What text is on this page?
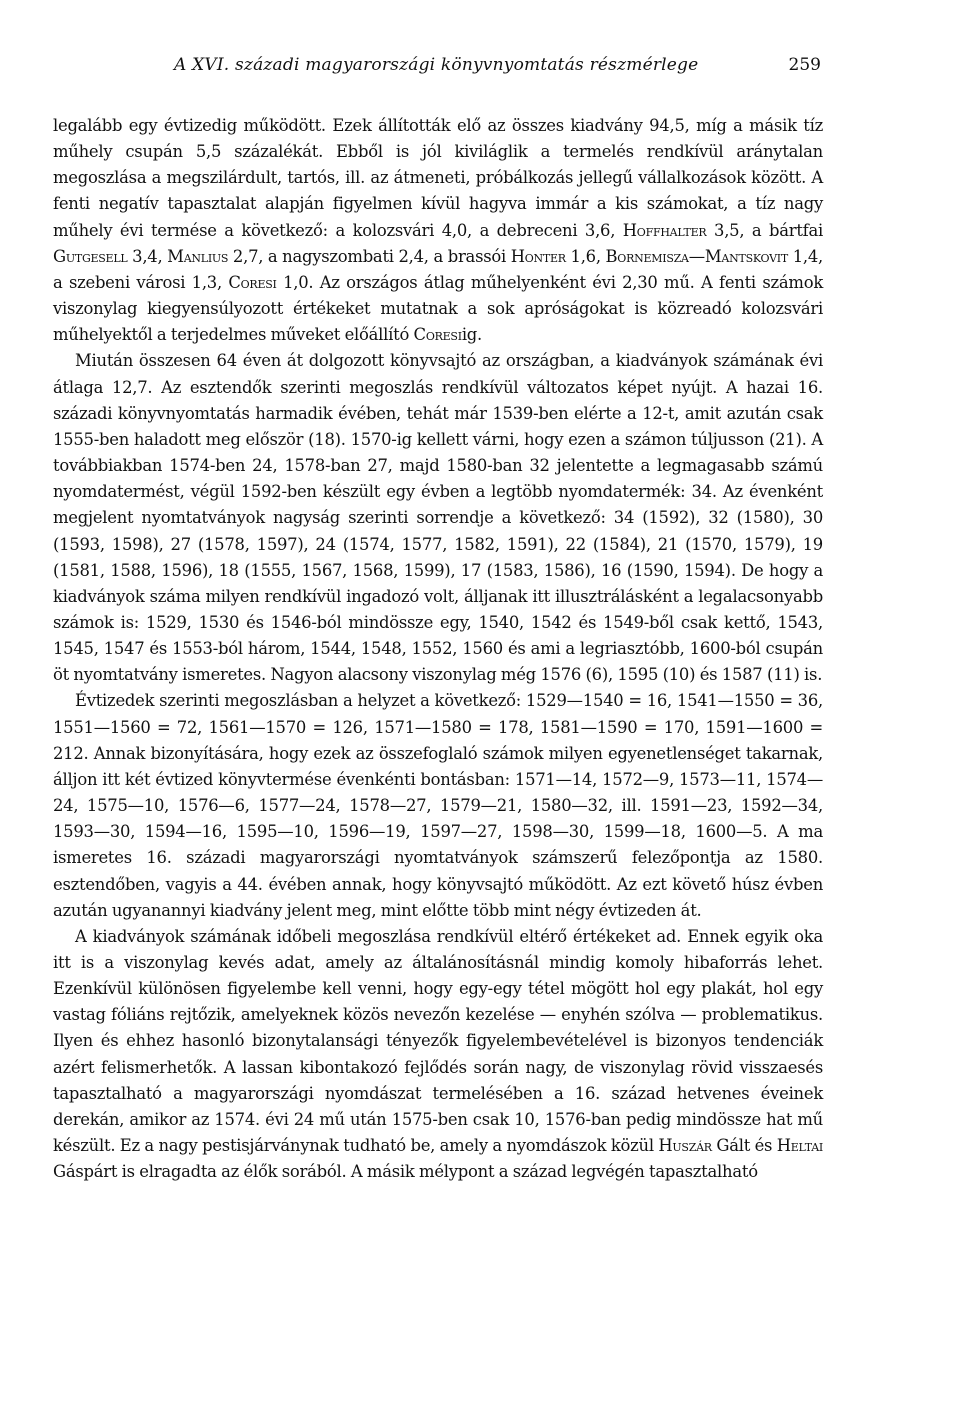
A XVI. századi magyarországi könyvnyomtatás részmérlege	259

legalább egy évtizedig működött. Ezek állították elő az összes kiadvány 94,5, míg a másik tíz műhely csupán 5,5 százalékát. Ebből is jól kiviláglik a termelés rendkívül aránytalan megoszlása a megszilárdult, tartós, ill. az átmeneti, próbálkozás jellegű vállalkozások között. A fenti negatív tapasztalat alapján figyelmen kívül hagyva immár a kis számokat, a tíz nagy műhely évi termése a következő: a kolozsvári 4,0, a debreceni 3,6, Hoffhalter 3,5, a bártfai Gutgesell 3,4, Manlius 2,7, a nagyszombati 2,4, a brassói Honter 1,6, Bornemisza—Mantskovit 1,4, a szebeni városi 1,3, Coresi 1,0. Az országos átlag műhelyenként évi 2,30 mű. A fenti számok viszonylag kiegyensúlyozott értékeket mutatnak a sok apróságokat is közreadó kolozsvári műhelyektől a terjedelmes műveket előállító Coresiig.

Miután összesen 64 éven át dolgozott könyvsajtó az országban, a kiadványok számának évi átlaga 12,7. Az esztendők szerinti megoszlás rendkívül változatos képet nyújt. A hazai 16. századi könyvnyomtatás harmadik évében, tehát már 1539-ben elérte a 12-t, amit azután csak 1555-ben haladott meg először (18). 1570-ig kellett várni, hogy ezen a számon túljusson (21). A továbbiakban 1574-ben 24, 1578-ban 27, majd 1580-ban 32 jelentette a legmagasabb számú nyomdatermést, végül 1592-ben készült egy évben a legtöbb nyomdatermék: 34. Az évenként megjelent nyomtatványok nagyság szerinti sorrendje a következő: 34 (1592), 32 (1580), 30 (1593, 1598), 27 (1578, 1597), 24 (1574, 1577, 1582, 1591), 22 (1584), 21 (1570, 1579), 19 (1581, 1588, 1596), 18 (1555, 1567, 1568, 1599), 17 (1583, 1586), 16 (1590, 1594). De hogy a kiadványok száma milyen rendkívül ingadozó volt, álljanak itt illusztrálásként a legalacsonyabb számok is: 1529, 1530 és 1546-ból mindössze egy, 1540, 1542 és 1549-ből csak kettő, 1543, 1545, 1547 és 1553-ból három, 1544, 1548, 1552, 1560 és ami a legriasztóbb, 1600-ból csupán öt nyomtatvány ismeretes. Nagyon alacsony viszonylag még 1576 (6), 1595 (10) és 1587 (11) is.

Évtizedek szerinti megoszlásban a helyzet a következő: 1529—1540 = 16, 1541—1550 = 36, 1551—1560 = 72, 1561—1570 = 126, 1571—1580 = 178, 1581—1590 = 170, 1591—1600 = 212. Annak bizonyítására, hogy ezek az összefoglaló számok milyen egyenetlenséget takarnak, álljon itt két évtized könyvtermése évenkénti bontásban: 1571—14, 1572—9, 1573—11, 1574—24, 1575—10, 1576—6, 1577—24, 1578—27, 1579—21, 1580—32, ill. 1591—23, 1592—34, 1593—30, 1594—16, 1595—10, 1596—19, 1597—27, 1598—30, 1599—18, 1600—5. A ma ismeretes 16. századi magyarországi nyomtatványok számszerű felezőpontja az 1580. esztendőben, vagyis a 44. évében annak, hogy könyvsajtó működött. Az ezt követő húsz évben azután ugyanannyi kiadvány jelent meg, mint előtte több mint négy évtizeden át.

A kiadványok számának időbeli megoszlása rendkívül eltérő értékeket ad. Ennek egyik oka itt is a viszonylag kevés adat, amely az általánosításnál mindig komoly hibaforrás lehet. Ezenkívül különösen figyelembe kell venni, hogy egy-egy tétel mögött hol egy plakát, hol egy vastag fóliáns rejtőzik, amelyeknek közös nevezőn kezelése — enyhén szólva — problematikus. Ilyen és ehhez hasonló bizonytalansági tényezők figyelembevételével is bizonyos tendenciák azért felismerhetők. A lassan kibontakozó fejlődés során nagy, de viszonylag rövid visszaesés tapasztalható a magyarországi nyomdászat termelésében a 16. század hetvenes éveinek derekán, amikor az 1574. évi 24 mű után 1575-ben csak 10, 1576-ban pedig mindössze hat mű készült. Ez a nagy pestisjárványnak tudható be, amely a nyomdászok közül Huszár Gált és Heltai Gáspárt is elragadta az élők sorából. A másik mélypont a század legvégén tapasztalható
